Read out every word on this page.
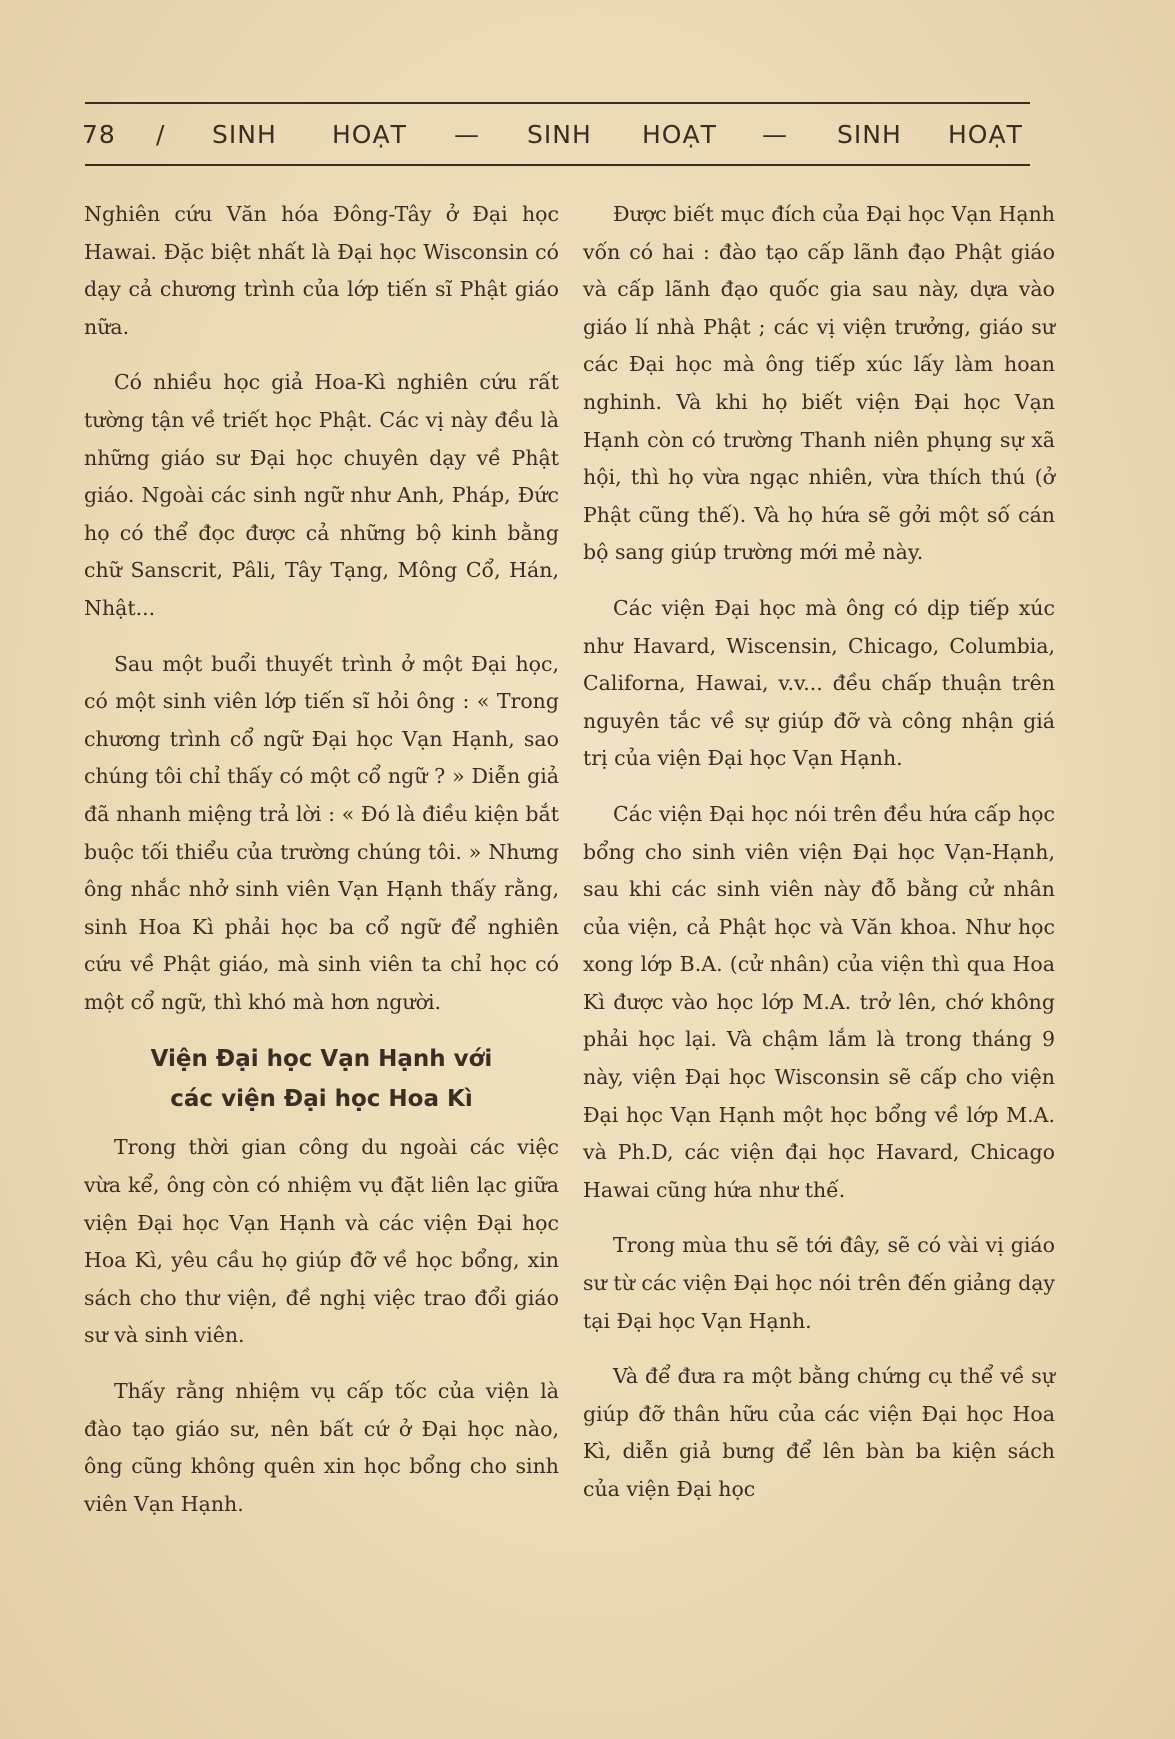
78 / SINH HOẠT — SINH HOẠT — SINH HOẠT

Nghiên cứu Văn hóa Đông-Tây ở Đại học Hawai. Đặc biệt nhất là Đại học Wisconsin có dạy cả chương trình của lớp tiến sĩ Phật giáo nữa.

Có nhiều học giả Hoa-Kì nghiên cứu rất tường tận về triết học Phật. Các vị này đều là những giáo sư Đại học chuyên dạy về Phật giáo. Ngoài các sinh ngữ như Anh, Pháp, Đức họ có thể đọc được cả những bộ kinh bằng chữ Sanscrit, Pâli, Tây Tạng, Mông Cổ, Hán, Nhật...

Sau một buổi thuyết trình ở một Đại học, có một sinh viên lớp tiến sĩ hỏi ông : « Trong chương trình cổ ngữ Đại học Vạn Hạnh, sao chúng tôi chỉ thấy có một cổ ngữ ? » Diễn giả đã nhanh miệng trả lời : « Đó là điều kiện bắt buộc tối thiểu của trường chúng tôi. » Nhưng ông nhắc nhở sinh viên Vạn Hạnh thấy rằng, sinh Hoa Kì phải học ba cổ ngữ để nghiên cứu về Phật giáo, mà sinh viên ta chỉ học có một cổ ngữ, thì khó mà hơn người.

Viện Đại học Vạn Hạnh với
các viện Đại học Hoa Kì

Trong thời gian công du ngoài các việc vừa kể, ông còn có nhiệm vụ đặt liên lạc giữa viện Đại học Vạn Hạnh và các viện Đại học Hoa Kì, yêu cầu họ giúp đỡ về học bổng, xin sách cho thư viện, đề nghị việc trao đổi giáo sư và sinh viên.

Thấy rằng nhiệm vụ cấp tốc của viện là đào tạo giáo sư, nên bất cứ ở Đại học nào, ông cũng không quên xin học bổng cho sinh viên Vạn Hạnh.

Được biết mục đích của Đại học Vạn Hạnh vốn có hai : đào tạo cấp lãnh đạo Phật giáo và cấp lãnh đạo quốc gia sau này, dựa vào giáo lí nhà Phật ; các vị viện trưởng, giáo sư các Đại học mà ông tiếp xúc lấy làm hoan nghinh. Và khi họ biết viện Đại học Vạn Hạnh còn có trường Thanh niên phụng sự xã hội, thì họ vừa ngạc nhiên, vừa thích thú (ở Phật cũng thế). Và họ hứa sẽ gởi một số cán bộ sang giúp trường mới mẻ này.

Các viện Đại học mà ông có dịp tiếp xúc như Havard, Wiscensin, Chicago, Columbia, Californa, Hawai, v.v... đều chấp thuận trên nguyên tắc về sự giúp đỡ và công nhận giá trị của viện Đại học Vạn Hạnh.

Các viện Đại học nói trên đều hứa cấp học bổng cho sinh viên viện Đại học Vạn-Hạnh, sau khi các sinh viên này đỗ bằng cử nhân của viện, cả Phật học và Văn khoa. Như học xong lớp B.A. (cử nhân) của viện thì qua Hoa Kì được vào học lớp M.A. trở lên, chớ không phải học lại. Và chậm lắm là trong tháng 9 này, viện Đại học Wisconsin sẽ cấp cho viện Đại học Vạn Hạnh một học bổng về lớp M.A. và Ph.D, các viện đại học Havard, Chicago Hawai cũng hứa như thế.

Trong mùa thu sẽ tới đây, sẽ có vài vị giáo sư từ các viện Đại học nói trên đến giảng dạy tại Đại học Vạn Hạnh.

Và để đưa ra một bằng chứng cụ thể về sự giúp đỡ thân hữu của các viện Đại học Hoa Kì, diễn giả bưng để lên bàn ba kiện sách của viện Đại học
